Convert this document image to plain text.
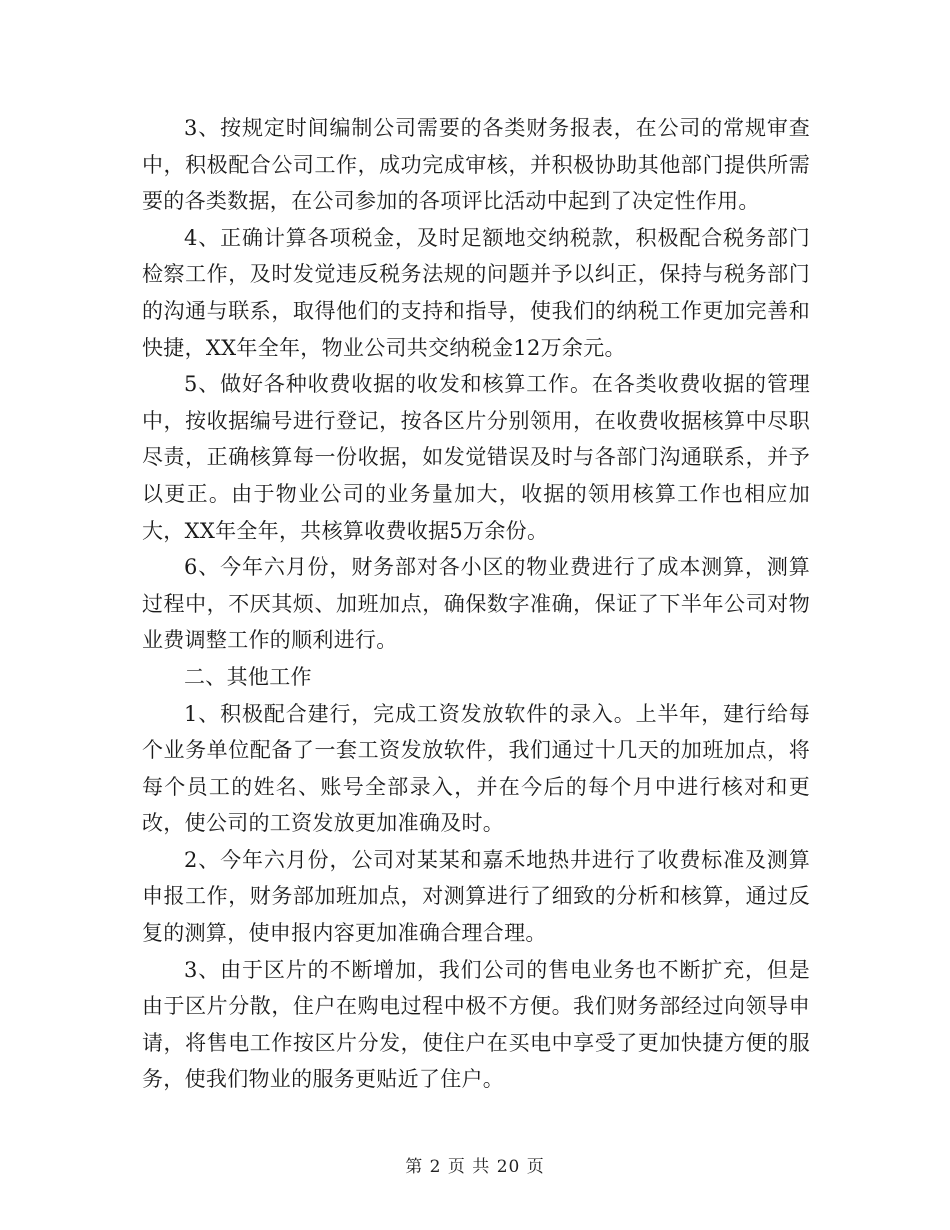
3、按规定时间编制公司需要的各类财务报表，在公司的常规审查中，积极配合公司工作，成功完成审核，并积极协助其他部门提供所需要的各类数据，在公司参加的各项评比活动中起到了决定性作用。

4、正确计算各项税金，及时足额地交纳税款，积极配合税务部门检察工作，及时发觉违反税务法规的问题并予以纠正，保持与税务部门的沟通与联系，取得他们的支持和指导，使我们的纳税工作更加完善和快捷，XX年全年，物业公司共交纳税金12万余元。

5、做好各种收费收据的收发和核算工作。在各类收费收据的管理中，按收据编号进行登记，按各区片分别领用，在收费收据核算中尽职尽责，正确核算每一份收据，如发觉错误及时与各部门沟通联系，并予以更正。由于物业公司的业务量加大，收据的领用核算工作也相应加大，XX年全年，共核算收费收据5万余份。

6、今年六月份，财务部对各小区的物业费进行了成本测算，测算过程中，不厌其烦、加班加点，确保数字准确，保证了下半年公司对物业费调整工作的顺利进行。

二、其他工作

1、积极配合建行，完成工资发放软件的录入。上半年，建行给每个业务单位配备了一套工资发放软件，我们通过十几天的加班加点，将每个员工的姓名、账号全部录入，并在今后的每个月中进行核对和更改，使公司的工资发放更加准确及时。

2、今年六月份，公司对某某和嘉禾地热井进行了收费标准及测算申报工作，财务部加班加点，对测算进行了细致的分析和核算，通过反复的测算，使申报内容更加准确合理合理。

3、由于区片的不断增加，我们公司的售电业务也不断扩充，但是由于区片分散，住户在购电过程中极不方便。我们财务部经过向领导申请，将售电工作按区片分发，使住户在买电中享受了更加快捷方便的服务，使我们物业的服务更贴近了住户。

第 2 页 共 20 页
